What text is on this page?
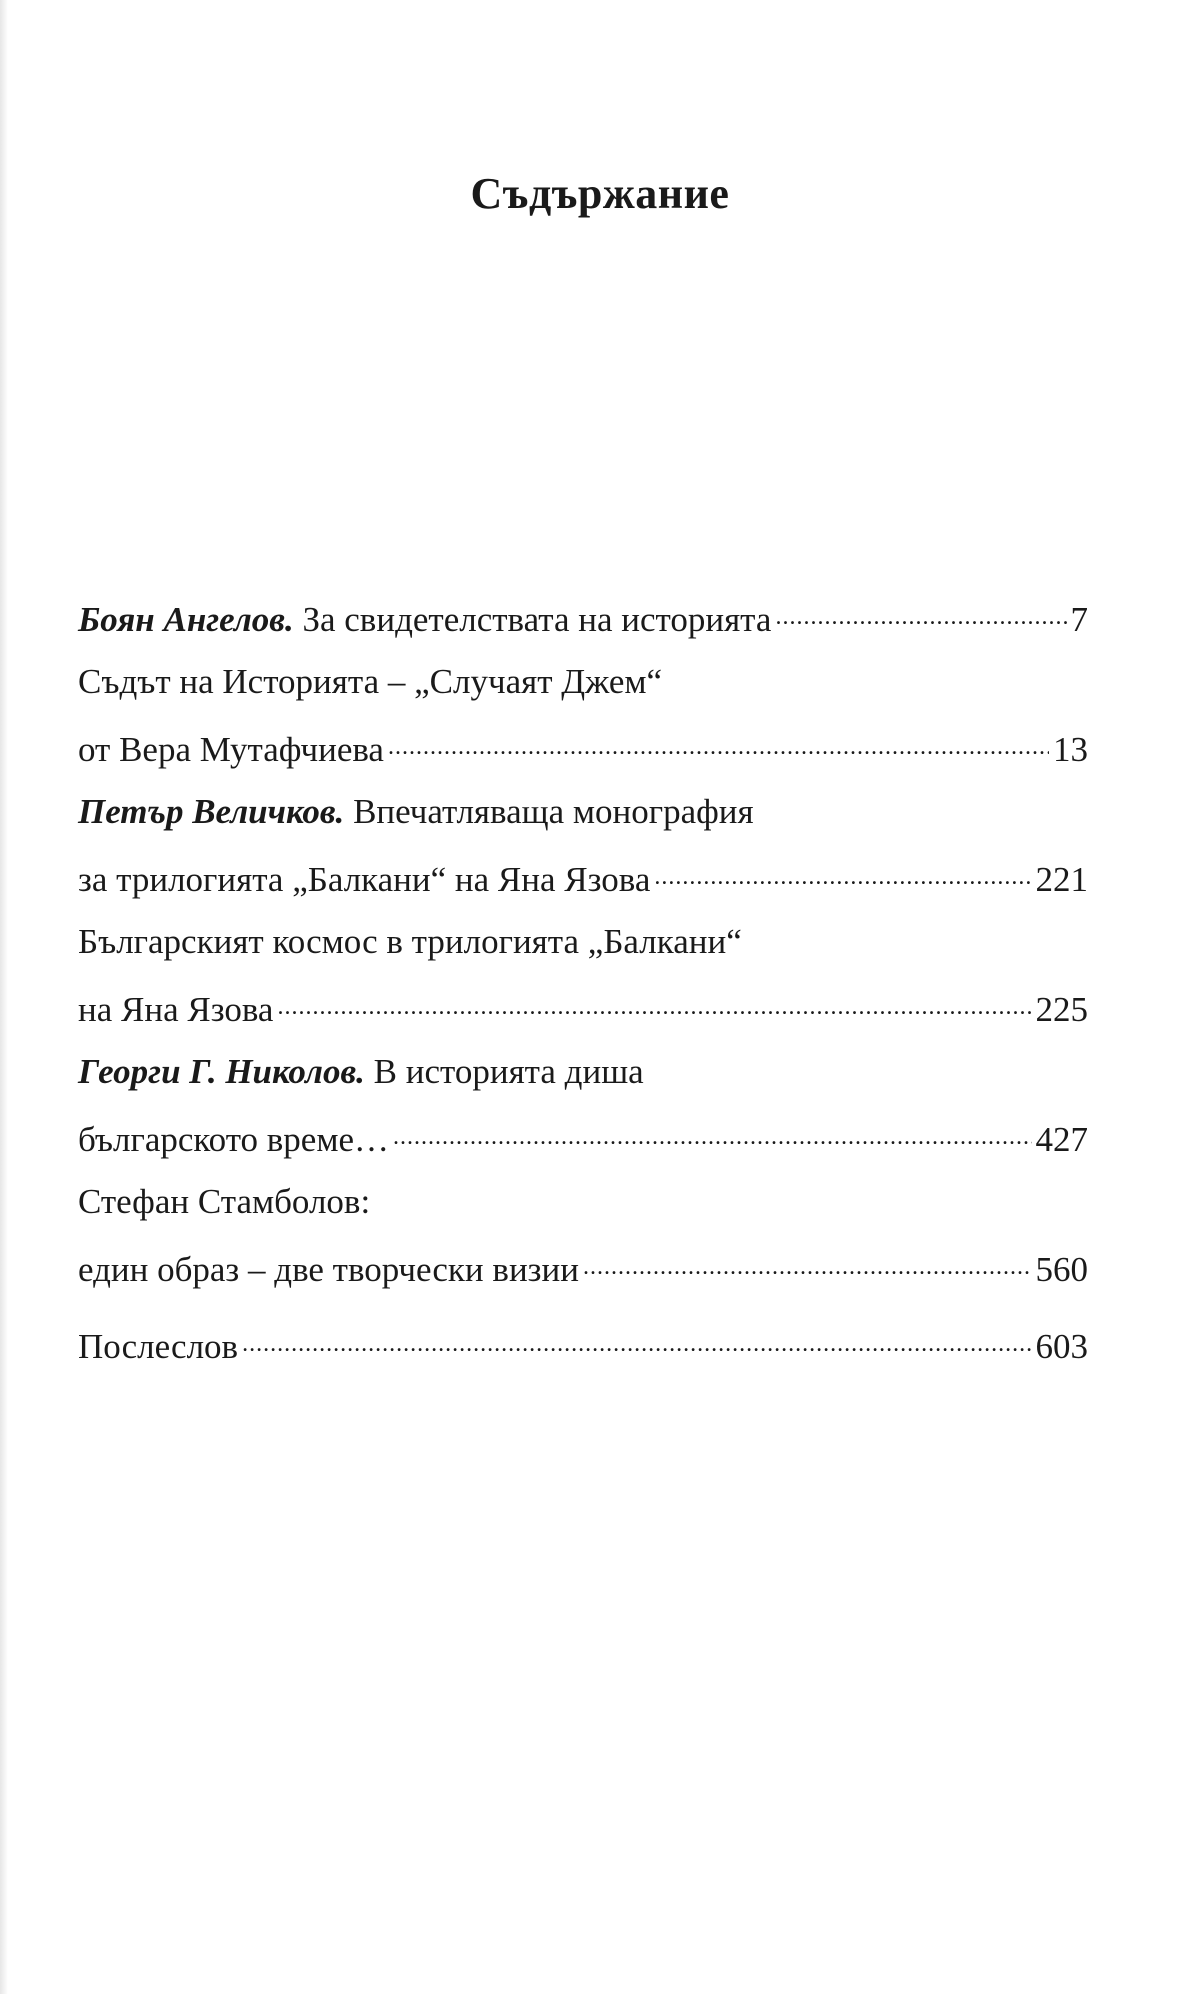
Съдържание
Боян Ангелов. За свидетелствата на историята .....	7
Съдът на Историята – „Случаят Джем“
от Вера Мутафчиева .....	13
Петър Величков. Впечатляваща монография
за трилогията „Балкани“ на Яна Язова .....	221
Българският космос в трилогията „Балкани“
на Яна Язова .....	225
Георги Г. Николов. В историята диша
българското време… .....	427
Стефан Стамболов:
един образ – две творчески визии .....	560
Послеслов .....	603
